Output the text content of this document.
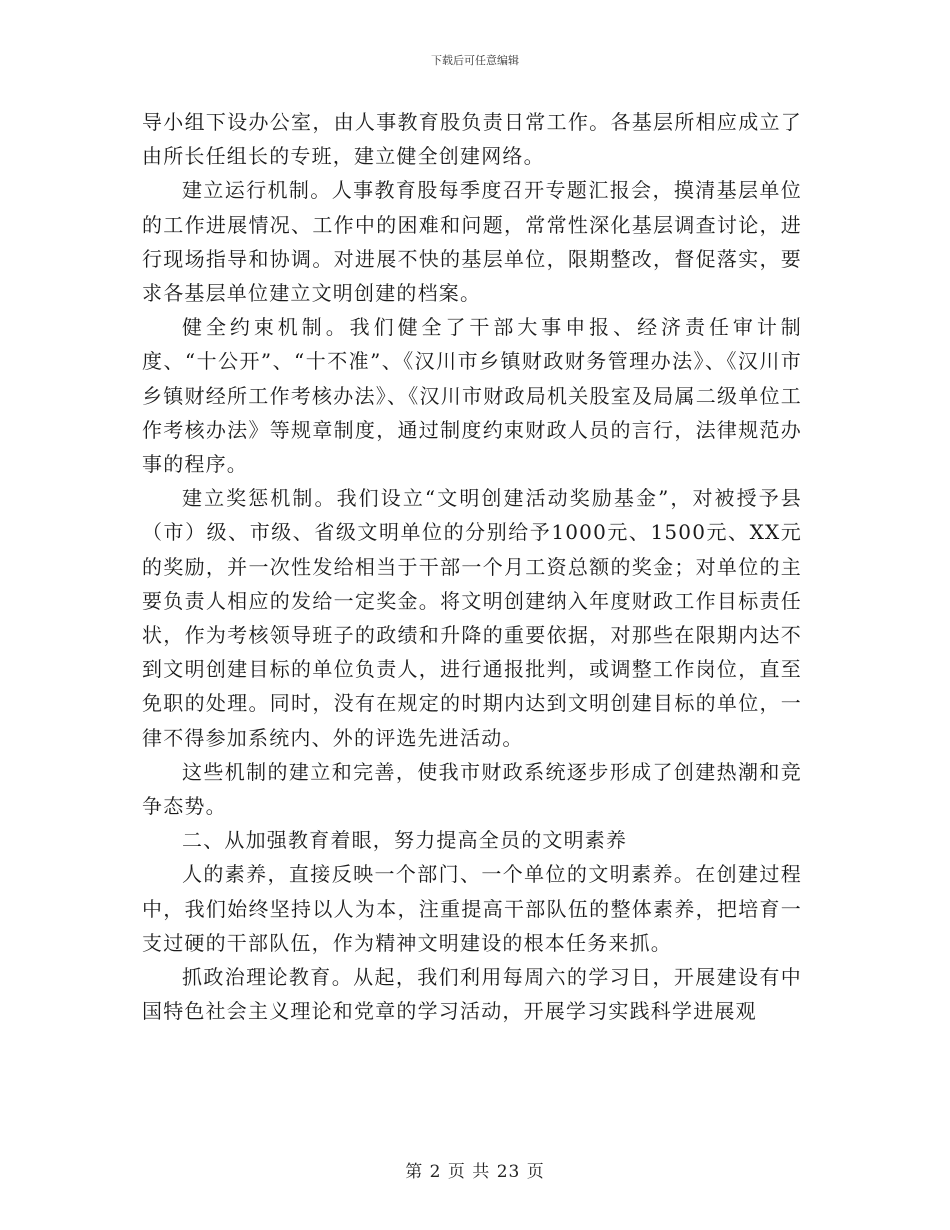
下载后可任意编辑

导小组下设办公室，由人事教育股负责日常工作。各基层所相应成立了由所长任组长的专班，建立健全创建网络。

建立运行机制。人事教育股每季度召开专题汇报会，摸清基层单位的工作进展情况、工作中的困难和问题，常常性深化基层调查讨论，进行现场指导和协调。对进展不快的基层单位，限期整改，督促落实，要求各基层单位建立文明创建的档案。

健全约束机制。我们健全了干部大事申报、经济责任审计制度、“十公开”、“十不准”、《汉川市乡镇财政财务管理办法》、《汉川市乡镇财经所工作考核办法》、《汉川市财政局机关股室及局属二级单位工作考核办法》等规章制度，通过制度约束财政人员的言行，法律规范办事的程序。

建立奖惩机制。我们设立“文明创建活动奖励基金”，对被授予县（市）级、市级、省级文明单位的分别给予1000元、1500元、XX元的奖励，并一次性发给相当于干部一个月工资总额的奖金；对单位的主要负责人相应的发给一定奖金。将文明创建纳入年度财政工作目标责任状，作为考核领导班子的政绩和升降的重要依据，对那些在限期内达不到文明创建目标的单位负责人，进行通报批判，或调整工作岗位，直至免职的处理。同时，没有在规定的时期内达到文明创建目标的单位，一律不得参加系统内、外的评选先进活动。

这些机制的建立和完善，使我市财政系统逐步形成了创建热潮和竞争态势。

二、从加强教育着眼，努力提高全员的文明素养

人的素养，直接反映一个部门、一个单位的文明素养。在创建过程中，我们始终坚持以人为本，注重提高干部队伍的整体素养，把培育一支过硬的干部队伍，作为精神文明建设的根本任务来抓。

抓政治理论教育。从起，我们利用每周六的学习日，开展建设有中国特色社会主义理论和党章的学习活动，开展学习实践科学进展观

第 2 页 共 23 页
